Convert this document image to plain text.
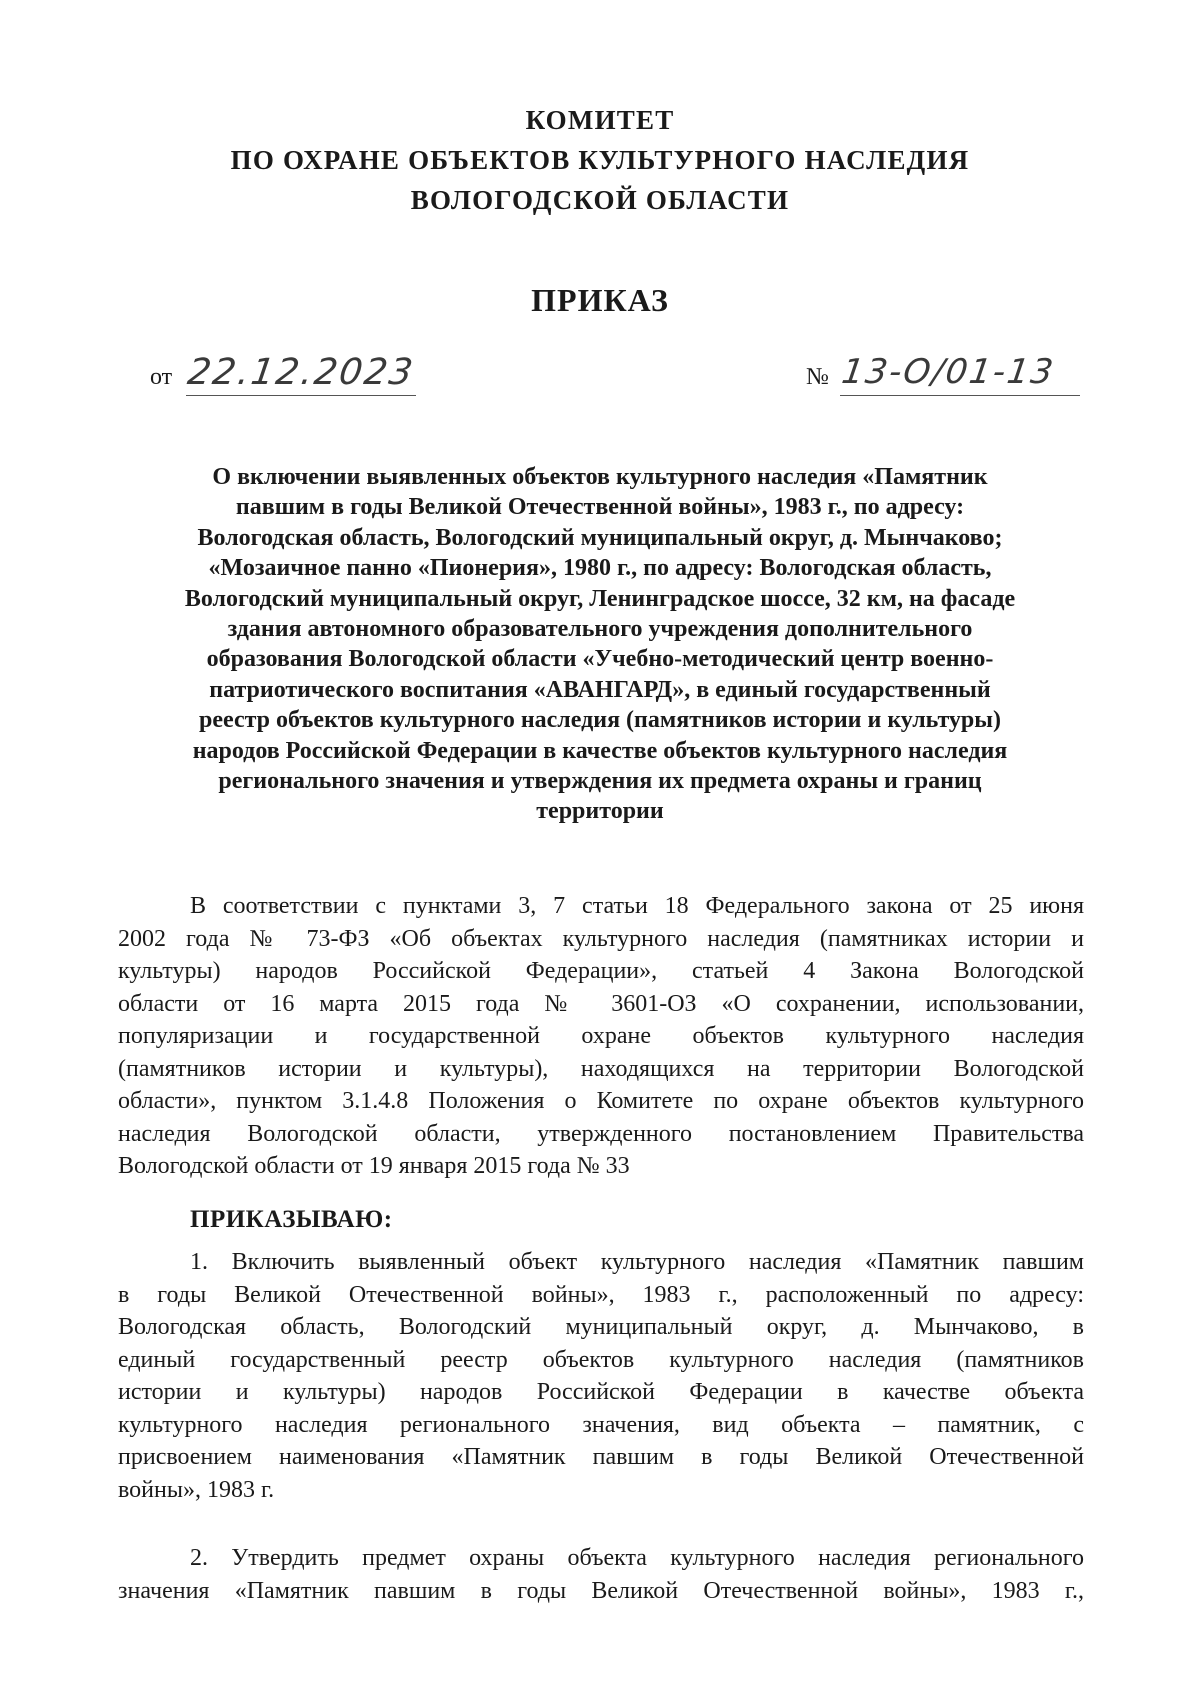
КОМИТЕТ
ПО ОХРАНЕ ОБЪЕКТОВ КУЛЬТУРНОГО НАСЛЕДИЯ
ВОЛОГОДСКОЙ ОБЛАСТИ
ПРИКАЗ
от 22.12.2023	№ 13-О/01-13
О включении выявленных объектов культурного наследия «Памятник
павшим в годы Великой Отечественной войны», 1983 г., по адресу:
Вологодская область, Вологодский муниципальный округ, д. Мынчаково;
«Мозаичное панно «Пионерия», 1980 г., по адресу: Вологодская область,
Вологодский муниципальный округ, Ленинградское шоссе, 32 км, на фасаде
здания автономного образовательного учреждения дополнительного
образования Вологодской области «Учебно-методический центр военно-
патриотического воспитания «АВАНГАРД», в единый государственный
реестр объектов культурного наследия (памятников истории и культуры)
народов Российской Федерации в качестве объектов культурного наследия
регионального значения и утверждения их предмета охраны и границ
территории
В соответствии с пунктами 3, 7 статьи 18 Федерального закона от 25 июня
2002 года № 73-ФЗ «Об объектах культурного наследия (памятниках истории и
культуры) народов Российской Федерации», статьей 4 Закона Вологодской
области от 16 марта 2015 года № 3601-ОЗ «О сохранении, использовании,
популяризации и государственной охране объектов культурного наследия
(памятников истории и культуры), находящихся на территории Вологодской
области», пунктом 3.1.4.8 Положения о Комитете по охране объектов культурного
наследия Вологодской области, утвержденного постановлением Правительства
Вологодской области от 19 января 2015 года № 33
ПРИКАЗЫВАЮ:
1. Включить выявленный объект культурного наследия «Памятник павшим
в годы Великой Отечественной войны», 1983 г., расположенный по адресу:
Вологодская область, Вологодский муниципальный округ, д. Мынчаково, в
единый государственный реестр объектов культурного наследия (памятников
истории и культуры) народов Российской Федерации в качестве объекта
культурного наследия регионального значения, вид объекта – памятник, с
присвоением наименования «Памятник павшим в годы Великой Отечественной
войны», 1983 г.
2. Утвердить предмет охраны объекта культурного наследия регионального
значения «Памятник павшим в годы Великой Отечественной войны», 1983 г.,
